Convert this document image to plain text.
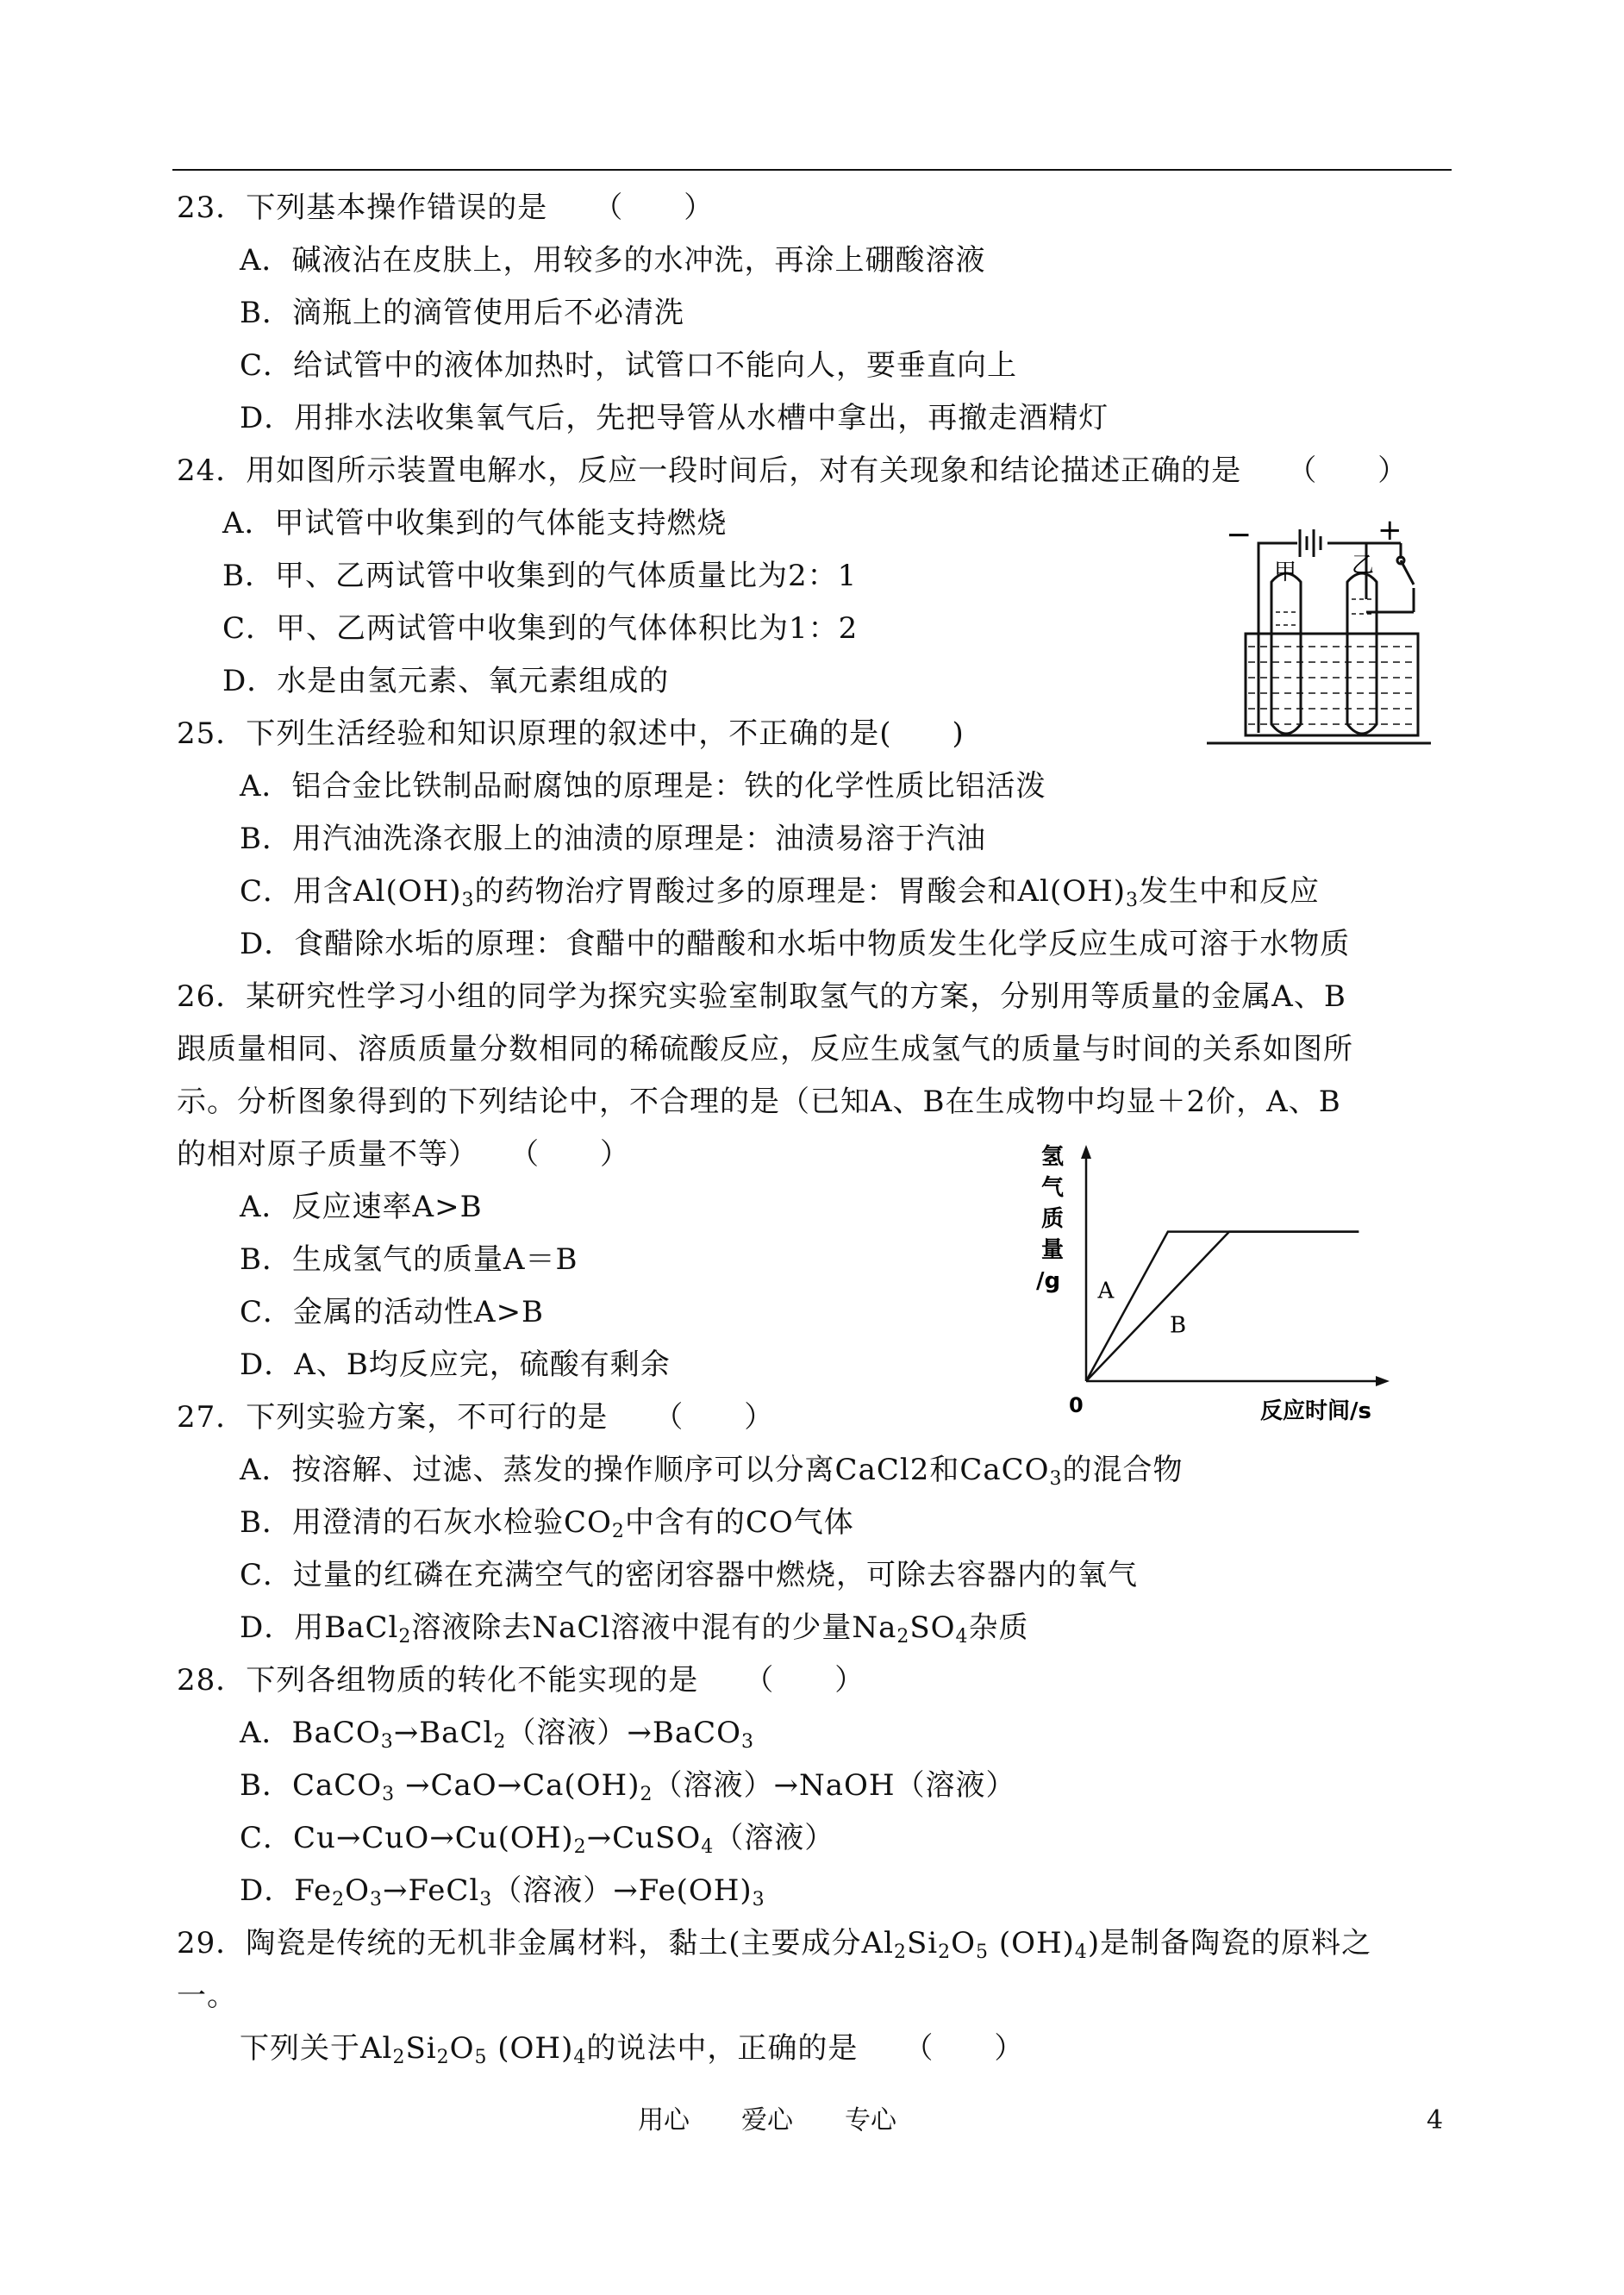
23．下列基本操作错误的是　　（　　）
A．碱液沾在皮肤上，用较多的水冲洗，再涂上硼酸溶液
B．滴瓶上的滴管使用后不必清洗
C．给试管中的液体加热时，试管口不能向人，要垂直向上
D．用排水法收集氧气后，先把导管从水槽中拿出，再撤走酒精灯
24．用如图所示装置电解水，反应一段时间后，对有关现象和结论描述正确的是　　（　　）
A．甲试管中收集到的气体能支持燃烧
B．甲、乙两试管中收集到的气体质量比为2：1
C．甲、乙两试管中收集到的气体体积比为1：2
D．水是由氢元素、氧元素组成的
−	+
甲 乙
25．下列生活经验和知识原理的叙述中，不正确的是(　　)
A．铝合金比铁制品耐腐蚀的原理是：铁的化学性质比铝活泼
B．用汽油洗涤衣服上的油渍的原理是：油渍易溶于汽油
C．用含$Al(OH)_3$的药物治疗胃酸过多的原理是：胃酸会和$Al(OH)_3$发生中和反应
D．食醋除水垢的原理：食醋中的醋酸和水垢中物质发生化学反应生成可溶于水物质
26．某研究性学习小组的同学为探究实验室制取氢气的方案，分别用等质量的金属A、B
跟质量相同、溶质质量分数相同的稀硫酸反应，反应生成氢气的质量与时间的关系如图所
示。分析图象得到的下列结论中，不合理的是（已知A、B在生成物中均显＋2价，A、B
的相对原子质量不等）　　（　　）
A．反应速率A>B
B．生成氢气的质量A＝B
C．金属的活动性A>B
D．A、B均反应完，硫酸有剩余
氢
气
质
量
/g
0	反应时间/s
A
B
27．下列实验方案，不可行的是　　（　　）
A．按溶解、过滤、蒸发的操作顺序可以分离CaCl2和CaCO$_3$的混合物
B．用澄清的石灰水检验$CO_2$中含有的CO气体
C．过量的红磷在充满空气的密闭容器中燃烧，可除去容器内的氧气
D．用BaCl$_2$溶液除去NaCl溶液中混有的少量$Na_2SO_4$杂质
28．下列各组物质的转化不能实现的是　　（　　）
A．BaCO$_3$→BaCl$_2$（溶液）→BaCO$_3$
B．CaCO$_3$ $\to CaO\to Ca(OH)_2$（溶液）→NaOH（溶液）
C．$Cu\to CuO\to Cu(OH)_2\to CuSO_4$（溶液）
D．$Fe_2O_3\to FeCl_3$（溶液）$\to Fe(OH)_3$
29．陶瓷是传统的无机非金属材料，黏土(主要成分$Al_2Si_2O_5$ $(OH)_4$)是制备陶瓷的原料之
一。
下列关于$Al_2Si_2O_5$ $(OH)_4$的说法中，正确的是　　（　　）
用心　　爱心　　专心	4
